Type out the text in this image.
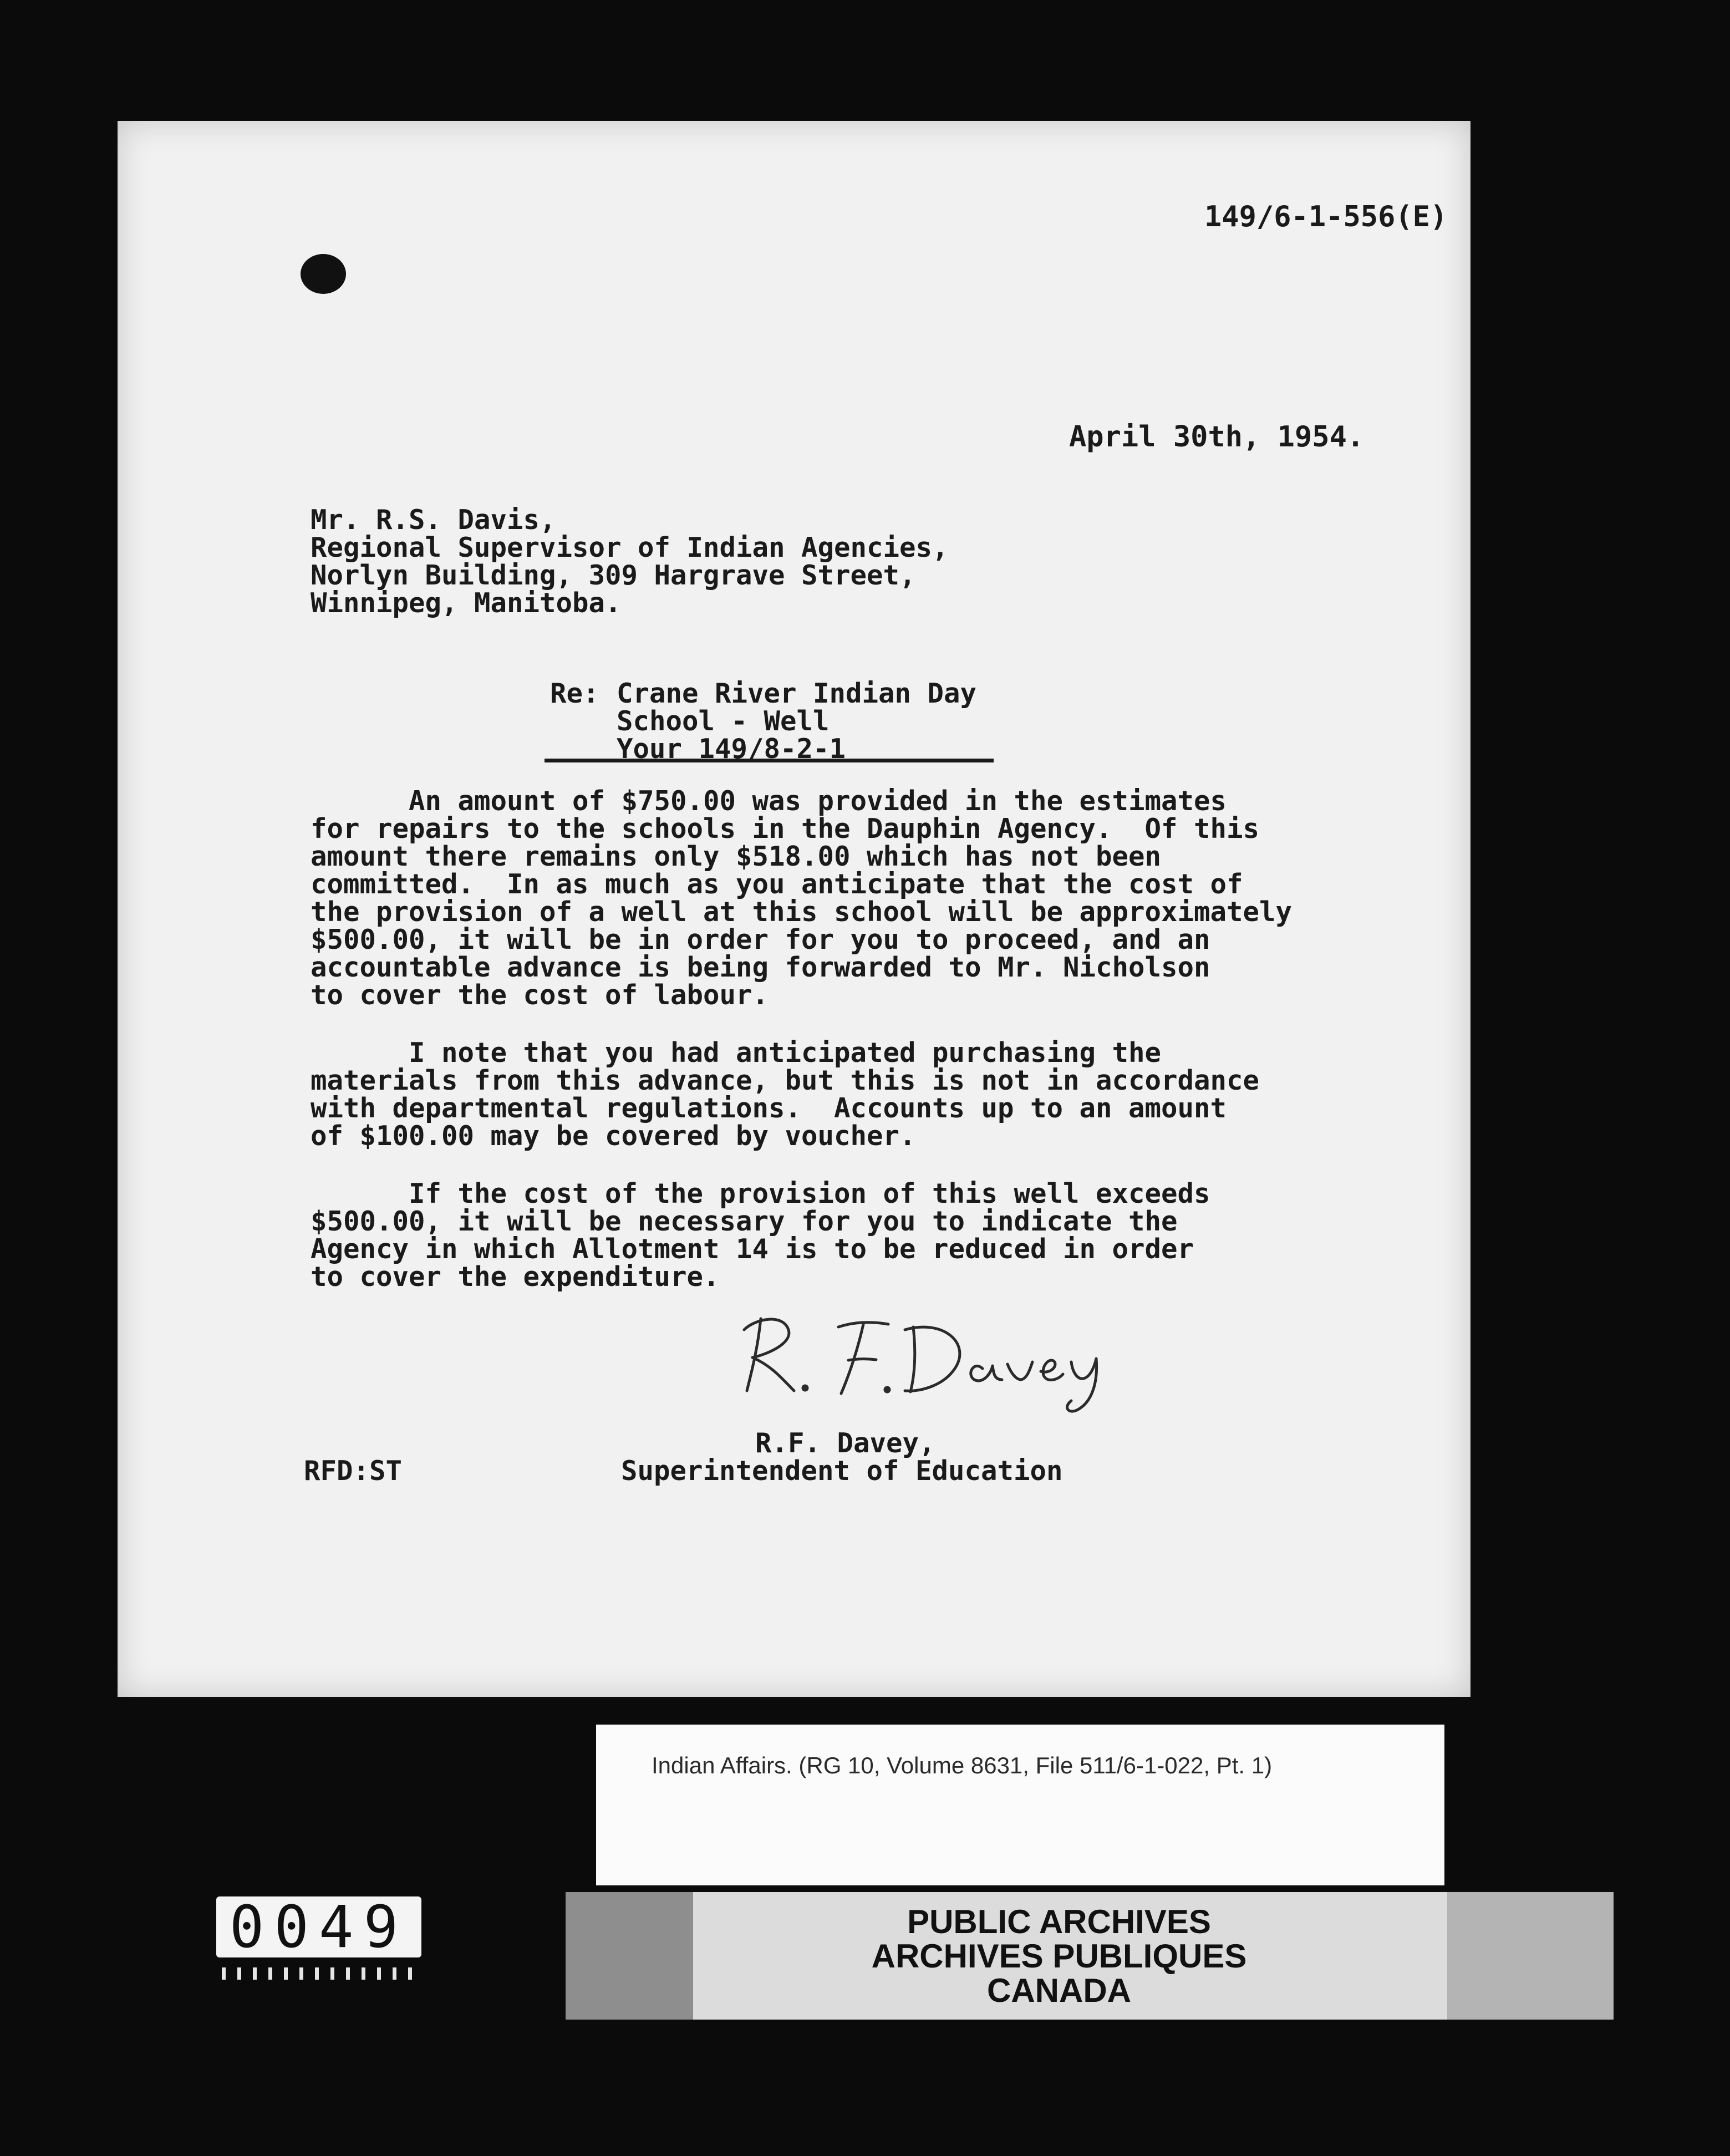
149/6-1-556(E)
April 30th, 1954.
Mr. R.S. Davis,
Regional Supervisor of Indian Agencies,
Norlyn Building, 309 Hargrave Street,
Winnipeg, Manitoba.
Re: Crane River Indian Day
School - Well
Your 149/8-2-1
An amount of $750.00 was provided in the estimates
for repairs to the schools in the Dauphin Agency.  Of this
amount there remains only $518.00 which has not been
committed.  In as much as you anticipate that the cost of
the provision of a well at this school will be approximately
$500.00, it will be in order for you to proceed, and an
accountable advance is being forwarded to Mr. Nicholson
to cover the cost of labour.
I note that you had anticipated purchasing the
materials from this advance, but this is not in accordance
with departmental regulations.  Accounts up to an amount
of $100.00 may be covered by voucher.
If the cost of the provision of this well exceeds
$500.00, it will be necessary for you to indicate the
Agency in which Allotment 14 is to be reduced in order
to cover the expenditure.
R. F. Davey
R.F. Davey,
Superintendent of Education
RFD:ST
Indian Affairs. (RG 10, Volume 8631, File 511/6-1-022, Pt. 1)
PUBLIC ARCHIVES
ARCHIVES PUBLIQUES
CANADA
0049
